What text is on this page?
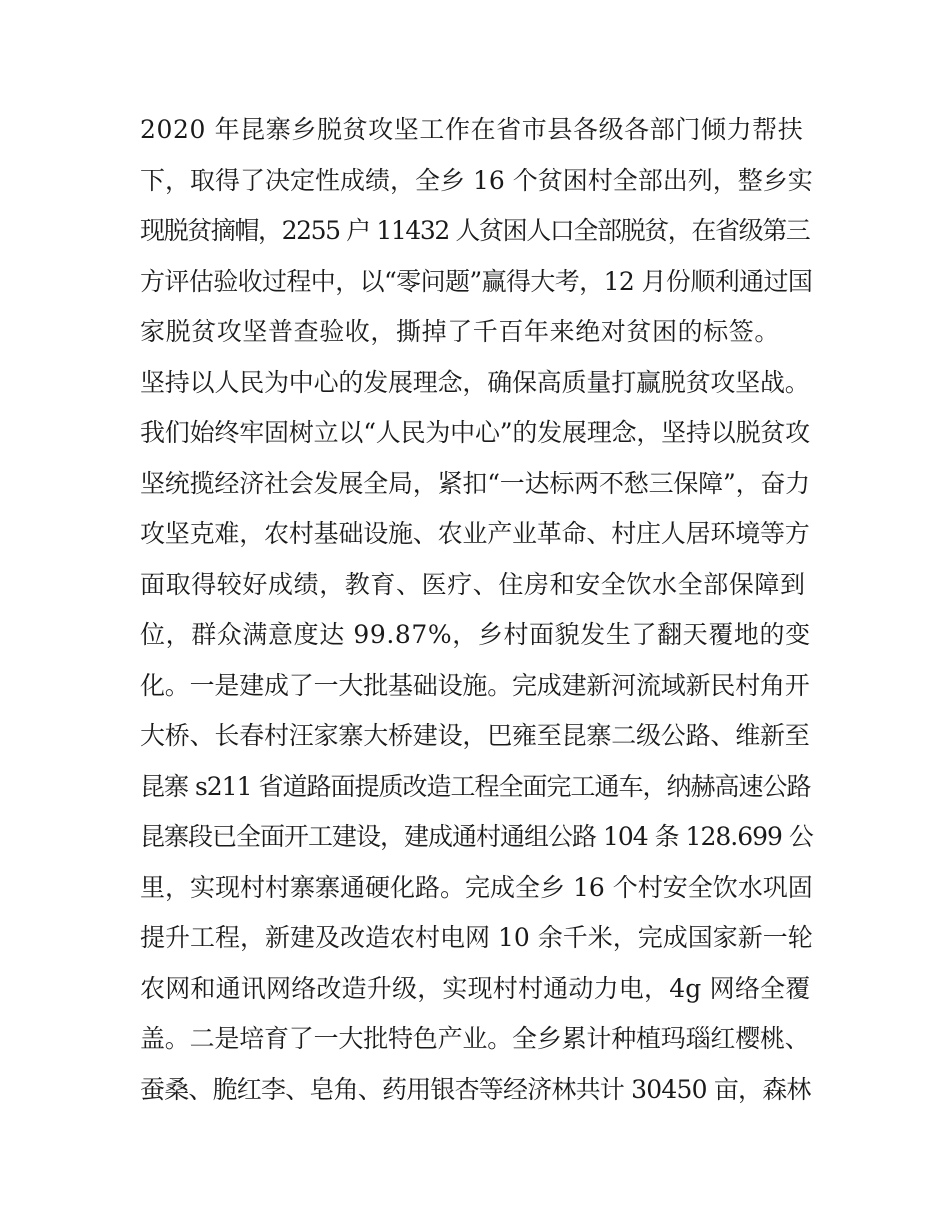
2020 年昆寨乡脱贫攻坚工作在省市县各级各部门倾力帮扶

下，取得了决定性成绩，全乡 16 个贫困村全部出列，整乡实

现脱贫摘帽，2255 户 11432 人贫困人口全部脱贫，在省级第三

方评估验收过程中，以“零问题”赢得大考，12 月份顺利通过国

家脱贫攻坚普查验收，撕掉了千百年来绝对贫困的标签。

坚持以人民为中心的发展理念，确保高质量打赢脱贫攻坚战。

我们始终牢固树立以“人民为中心”的发展理念，坚持以脱贫攻

坚统揽经济社会发展全局，紧扣“一达标两不愁三保障”，奋力

攻坚克难，农村基础设施、农业产业革命、村庄人居环境等方

面取得较好成绩，教育、医疗、住房和安全饮水全部保障到

位，群众满意度达 99.87%，乡村面貌发生了翻天覆地的变

化。一是建成了一大批基础设施。完成建新河流域新民村角开

大桥、长春村汪家寨大桥建设，巴雍至昆寨二级公路、维新至

昆寨 s211 省道路面提质改造工程全面完工通车，纳赫高速公路

昆寨段已全面开工建设，建成通村通组公路 104 条 128.699 公

里，实现村村寨寨通硬化路。完成全乡 16 个村安全饮水巩固

提升工程，新建及改造农村电网 10 余千米，完成国家新一轮

农网和通讯网络改造升级，实现村村通动力电，4g 网络全覆

盖。二是培育了一大批特色产业。全乡累计种植玛瑙红樱桃、

蚕桑、脆红李、皂角、药用银杏等经济林共计 30450 亩，森林
